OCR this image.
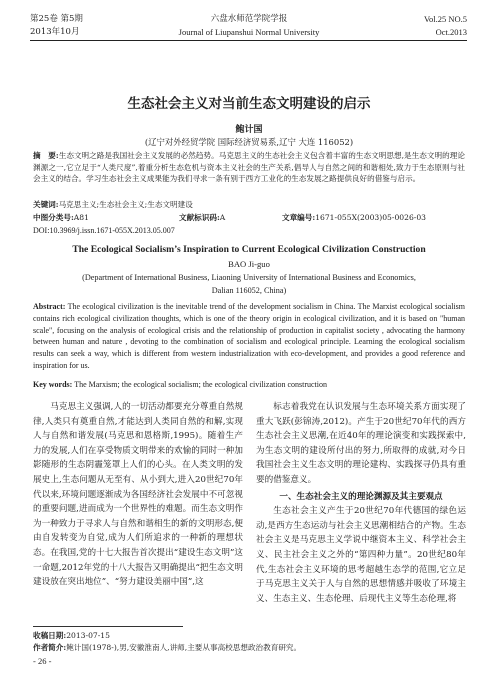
第25卷 第5期
2013年10月
六盘水师范学院学报
Journal of Liupanshui Normal University
Vol.25 NO.5
Oct.2013
生态社会主义对当前生态文明建设的启示
鲍计国
(辽宁对外经贸学院 国际经济贸易系,辽宁 大连 116052)
摘　要:生态文明之路是我国社会主义发展的必然趋势。马克思主义的生态社会主义包含着丰富的生态文明思想,是生态文明的理论渊源之一,它立足于“人类尺度”,着重分析生态危机与资本主义社会的生产关系,倡导人与自然之间的和谐相处,致力于生态原则与社会主义的结合。学习生态社会主义成果能为我们寻求一条有别于西方工业化的生态发展之路提供良好的借鉴与启示。
关键词:马克思主义;生态社会主义;生态文明建设
中图分类号:A81	文献标识码:A	文章编号:1671-055X(2003)05-0026-03
DOI:10.3969/j.issn.1671-055X.2013.05.007
The Ecological Socialism’s Inspiration to Current Ecological Civilization Construction
BAO Ji-guo
(Department of International Business, Liaoning University of International Business and Economics,
Dalian 116052, China)
Abstract: The ecological civilization is the inevitable trend of the development socialism in China. The Marxist ecological socialism contains rich ecological civilization thoughts, which is one of the theory origin in ecological civilization, and it is based on "human scale", focusing on the analysis of ecological crisis and the relationship of production in capitalist society , advocating the harmony between human and nature , devoting to the combination of socialism and ecological principle. Learning the ecological socialism results can seek a way, which is different from western industrialization with eco-development, and provides a good reference and inspiration for us.
Key words: The Marxism; the ecological socialism; the ecological civilization construction
马克思主义强调,人的一切活动都要充分尊重自然规律,人类只有奠重自然,才能达到人类同自然的和解,实现人与自然和谐发展(马克思和恩格斯,1995)。随着生产力的发展,人们在享受物质文明带来的欢愉的同时一种加影随形的生态阴霾笼罩上人们的心头。在人类文明的发展史上,生态问题从无至有、从小到大,进入20世纪70年代以来,环境问题逐渐成为各国经济社会发展中不可忽视的重要问题,进而成为一个世界性的难题。而生态文明作为一种致力于寻求人与自然和谐相生的新的文明形态,便由自发转变为自觉,成为人们所追求的一种新的理想状态。在我国,党的十七大报告首次提出“建设生态文明”这一命题,2012年党的十八大报告又明确提出“把生态文明建设放在突出地位”、“努力建设美丽中国”,这

标志着我党在认识发展与生态环境关系方面实现了重大飞跃(彭锦涛,2012)。产生于20世纪70年代的西方生态社会主义思潮,在近40年的理论演变和实践探索中,为生态文明的建设所付出的努力,所取得的成就,对今日我国社会主义生态文明的理论建构、实践探寻仍具有重要的借鉴意义。

一、生态社会主义的理论渊源及其主要观点

生态社会主义产生于20世纪70年代德国的绿色运动,是西方生态运动与社会主义思潮相结合的产物。生态社会主义是马克思主义学说中继资本主义、科学社会主义、民主社会主义之外的“第四种力量”。20世纪80年代,生态社会主义环境的思考超越生态学的范围,它立足于马克思主义关于人与自然的思想情感并吸收了环境主义、生态主义、生态伦理、后现代主义等生态伦理,将

收稿日期:2013-07-15
作者简介:鲍计国(1978-),男,安徽淮南人,讲师,主要从事高校思想政治教育研究。
- 26 -
